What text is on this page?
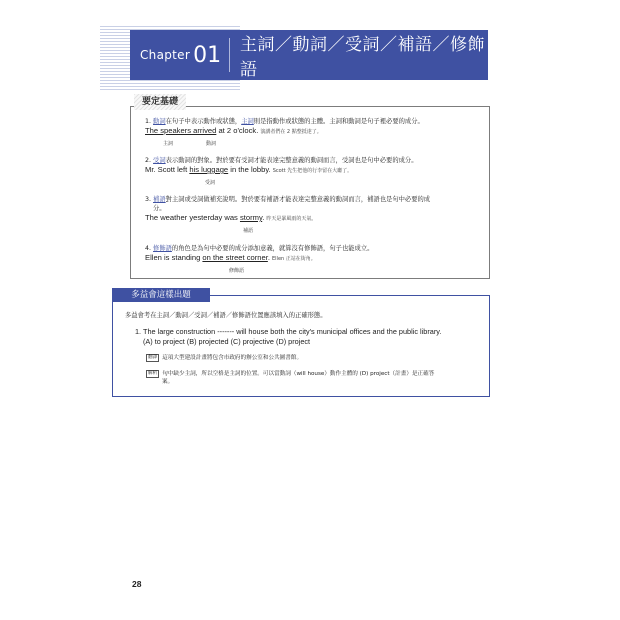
Chapter 01 主詞／動詞／受詞／補語／修飾語
1. 動詞在句子中表示動作或狀態，主詞則是指動作或狀態的主體。主詞和動詞是句子裡必要的成分。
The speakers arrived at 2 o'clock. 演講者們在 2 點整抵達了。
主詞	動詞
2. 受詞表示動詞的對象。對於要有受詞才能表達完整意義的動詞而言，受詞也是句中必要的成分。
Mr. Scott left his luggage in the lobby. Scott 先生把他的行李留在大廳了。
受詞
3. 補語對主詞或受詞做補充說明。對於要有補語才能表達完整意義的動詞而言，補語也是句中必要的成
分。
The weather yesterday was stormy. 昨天是暴風雨的天氣。
補語
4. 修飾語的角色是為句中必要的成分添加意義，就算沒有修飾語，句子也能成立。
Ellen is standing on the street corner. Ellen 正站在街角。
修飾語
要定基礎
多益會考在主詞／動詞／受詞／補語／修飾語位置應該填入的正確形態。
1. The large construction ------- will house both the city's municipal offices and the public library.
(A) to project (B) projected (C) projective (D) project
翻譯 這項大型建設計畫將包含市政府的辦公室和公共圖書館。
解析 句中缺少主詞，所以空格是主詞的位置。可以當動詞（will house）動作主體的 (D) project（計畫）是正確答
案。
多益會這樣出題
28
